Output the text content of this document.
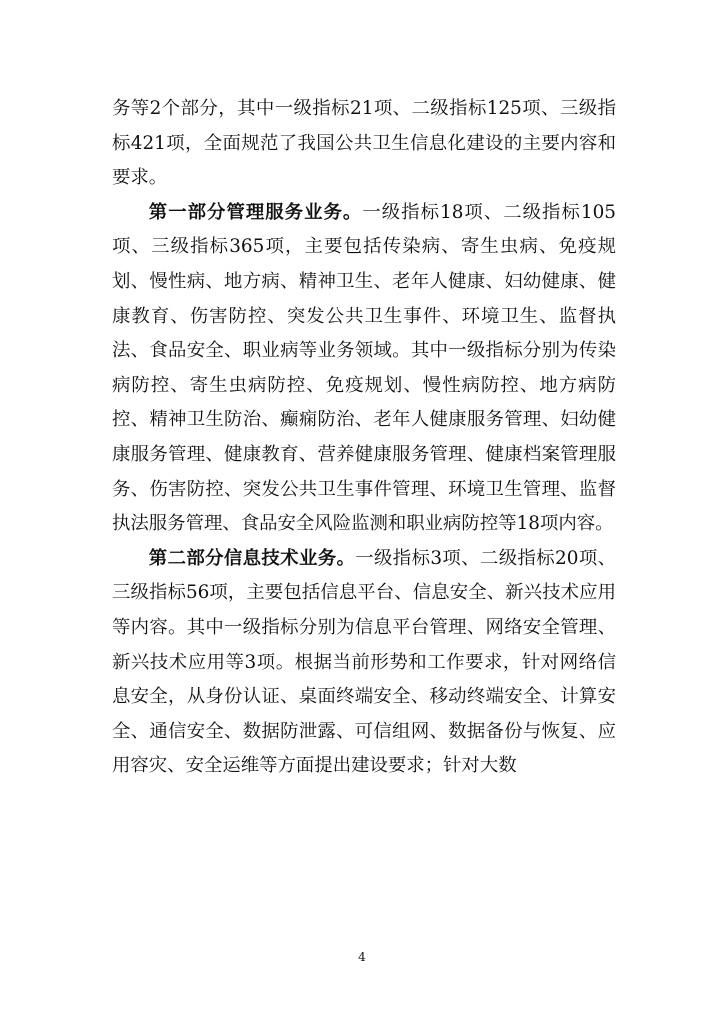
务等2个部分，其中一级指标21项、二级指标125项、三级指标421项，全面规范了我国公共卫生信息化建设的主要内容和要求。

第一部分管理服务业务。一级指标18项、二级指标105项、三级指标365项，主要包括传染病、寄生虫病、免疫规划、慢性病、地方病、精神卫生、老年人健康、妇幼健康、健康教育、伤害防控、突发公共卫生事件、环境卫生、监督执法、食品安全、职业病等业务领域。其中一级指标分别为传染病防控、寄生虫病防控、免疫规划、慢性病防控、地方病防控、精神卫生防治、癫痫防治、老年人健康服务管理、妇幼健康服务管理、健康教育、营养健康服务管理、健康档案管理服务、伤害防控、突发公共卫生事件管理、环境卫生管理、监督执法服务管理、食品安全风险监测和职业病防控等18项内容。

第二部分信息技术业务。一级指标3项、二级指标20项、三级指标56项，主要包括信息平台、信息安全、新兴技术应用等内容。其中一级指标分别为信息平台管理、网络安全管理、新兴技术应用等3项。根据当前形势和工作要求，针对网络信息安全，从身份认证、桌面终端安全、移动终端安全、计算安全、通信安全、数据防泄露、可信组网、数据备份与恢复、应用容灾、安全运维等方面提出建设要求；针对大数

4
